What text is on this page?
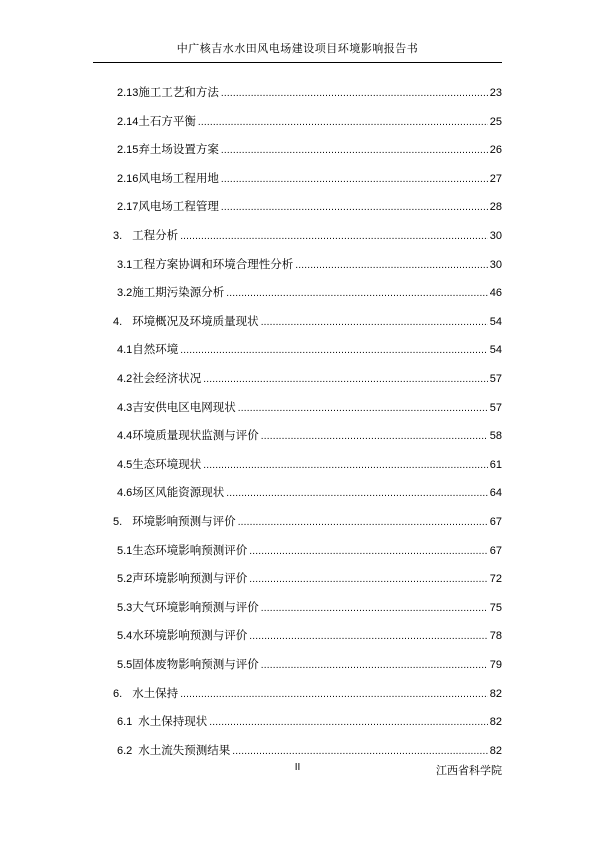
中广核吉水水田风电场建设项目环境影响报告书
2.13 施工工艺和方法 .....	23
2.14 土石方平衡 .....	25
2.15 弃土场设置方案 .....	26
2.16 风电场工程用地 .....	27
2.17 风电场工程管理 .....	28
3. 工程分析 .....	30
3.1 工程方案协调和环境合理性分析 .....	30
3.2 施工期污染源分析 .....	46
4. 环境概况及环境质量现状 .....	54
4.1 自然环境 .....	54
4.2 社会经济状况 .....	57
4.3 吉安供电区电网现状 .....	57
4.4 环境质量现状监测与评价 .....	58
4.5 生态环境现状 .....	61
4.6 场区风能资源现状 .....	64
5. 环境影响预测与评价 .....	67
5.1 生态环境影响预测评价 .....	67
5.2 声环境影响预测与评价 .....	72
5.3 大气环境影响预测与评价 .....	75
5.4 水环境影响预测与评价 .....	78
5.5 固体废物影响预测与评价 .....	79
6. 水土保持 .....	82
6.1 水土保持现状 .....	82
6.2 水土流失预测结果 .....	82
II	江西省科学院
